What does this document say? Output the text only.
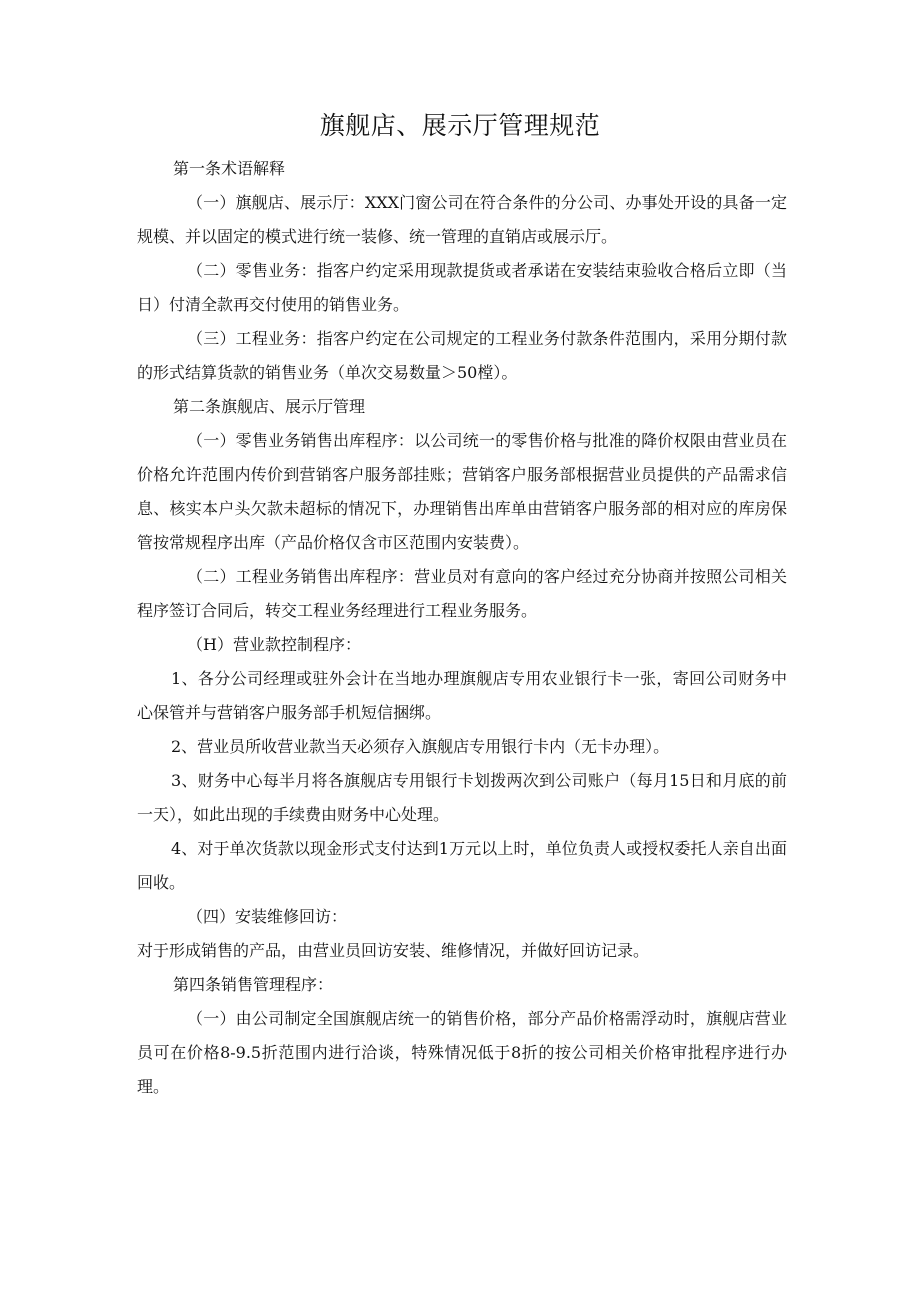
旗舰店、展示厅管理规范

第一条术语解释

（一）旗舰店、展示厅：XXX门窗公司在符合条件的分公司、办事处开设的具备一定规模、并以固定的模式进行统一装修、统一管理的直销店或展示厅。

（二）零售业务：指客户约定采用现款提货或者承诺在安装结束验收合格后立即（当日）付清全款再交付使用的销售业务。

（三）工程业务：指客户约定在公司规定的工程业务付款条件范围内，采用分期付款的形式结算货款的销售业务（单次交易数量＞50樘）。

第二条旗舰店、展示厅管理

（一）零售业务销售出库程序：以公司统一的零售价格与批准的降价权限由营业员在价格允许范围内传价到营销客户服务部挂账；营销客户服务部根据营业员提供的产品需求信息、核实本户头欠款未超标的情况下，办理销售出库单由营销客户服务部的相对应的库房保管按常规程序出库（产品价格仅含市区范围内安装费）。

（二）工程业务销售出库程序：营业员对有意向的客户经过充分协商并按照公司相关程序签订合同后，转交工程业务经理进行工程业务服务。

（H）营业款控制程序：

1、各分公司经理或驻外会计在当地办理旗舰店专用农业银行卡一张，寄回公司财务中心保管并与营销客户服务部手机短信捆绑。

2、营业员所收营业款当天必须存入旗舰店专用银行卡内（无卡办理）。

3、财务中心每半月将各旗舰店专用银行卡划拨两次到公司账户（每月15日和月底的前一天），如此出现的手续费由财务中心处理。

4、对于单次货款以现金形式支付达到1万元以上时，单位负责人或授权委托人亲自出面回收。

（四）安装维修回访：

对于形成销售的产品，由营业员回访安装、维修情况，并做好回访记录。

第四条销售管理程序：

（一）由公司制定全国旗舰店统一的销售价格，部分产品价格需浮动时，旗舰店营业员可在价格8-9.5折范围内进行洽谈，特殊情况低于8折的按公司相关价格审批程序进行办理。
